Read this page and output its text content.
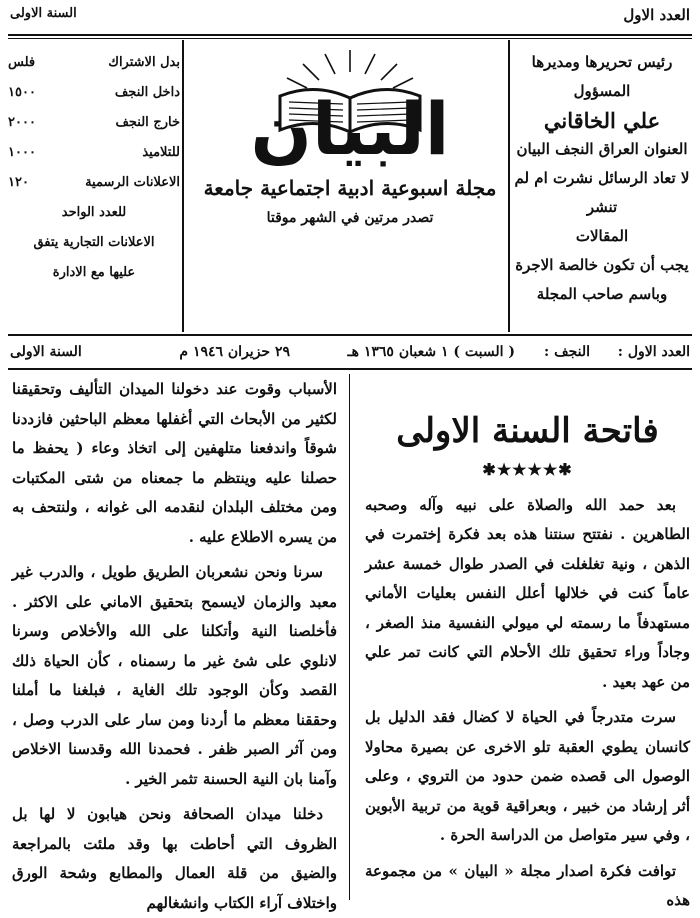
العدد الاول
السنة الاولى
رئيس تحريرها ومديرها المسؤول
علي الخاقاني
العنوان العراق النجف البيان
لا تعاد الرسائل نشرت ام لم تنشر
المقالات
يجب أن تكون خالصة الاجرة
وباسم صاحب المجلة
بدل الاشتراك
فلس
داخل النجف
١٥٠٠
خارج النجف
٢٠٠٠
للتلاميذ
١٠٠٠
الاعلانات الرسمية
١٢٠
للعدد الواحد
الاعلانات التجارية يتفق
عليها مع الادارة
البيان
مجلة اسبوعية ادبية اجتماعية جامعة
تصدر مرتين في الشهر موقتا
العدد الاول :
النجف :
( السبت ) ١ شعبان ١٣٦٥ هـ
٢٩ حزيران ١٩٤٦ م
السنة الاولى

فاتحة السنة الاولى

✱★★★★✱

بعد حمد الله والصلاة على نبيه وآله وصحبه الطاهرين . نفتتح سنتنا هذه بعد فكرة إختمرت في الذهن ، ونية تغلغلت في الصدر طوال خمسة عشر عاماً كنت في خلالها أعلل النفس بعليات الأماني مستهدفاً ما رسمته لي ميولي النفسية منذ الصغر ، وجاداً وراء تحقيق تلك الأحلام التي كانت تمر علي من عهد بعيد .

سرت متدرجاً في الحياة لا كضال فقد الدليل بل كانسان يطوي العقبة تلو الاخرى عن بصيرة محاولا الوصول الى قصده ضمن حدود من التروي ، وعلى أثر إرشاد من خبير ، وبعراقية قوية من تربية الأبوين ، وفي سير متواصل من الدراسة الحرة .

توافت فكرة اصدار مجلة « البيان » من مجموعة هذه

الأسباب وقوت عند دخولنا الميدان التأليف وتحقيقنا لكثير من الأبحاث التي أغفلها معظم الباحثين فازددنا شوقاً واندفعنا متلهفين إلى اتخاذ وعاء ( يحفظ ما حصلنا عليه وينتظم ما جمعناه من شتى المكتبات ومن مختلف البلدان لنقدمه الى غوانه ، ولنتحف به من يسره الاطلاع عليه .

سرنا ونحن نشعربان الطريق طويل ، والدرب غير معبد والزمان لايسمح بتحقيق الاماني على الاكثر . فأخلصنا النية وأتكلنا على الله والأخلاص وسرنا لانلوي على شئ غير ما رسمناه ، كأن الحياة ذلك القصد وكأن الوجود تلك الغاية ، فبلغنا ما أملنا وحققنا معظم ما أردنا ومن سار على الدرب وصل ، ومن آثر الصبر ظفر . فحمدنا الله وقدسنا الاخلاص وآمنا بان النية الحسنة تثمر الخير .

دخلنا ميدان الصحافة ونحن هيابون لا لها بل الظروف التي أحاطت بها وقد ملئت بالمراجعة والضيق من قلة العمال والمطابع وشحة الورق واختلاف آراء الكتاب وانشغالهم
